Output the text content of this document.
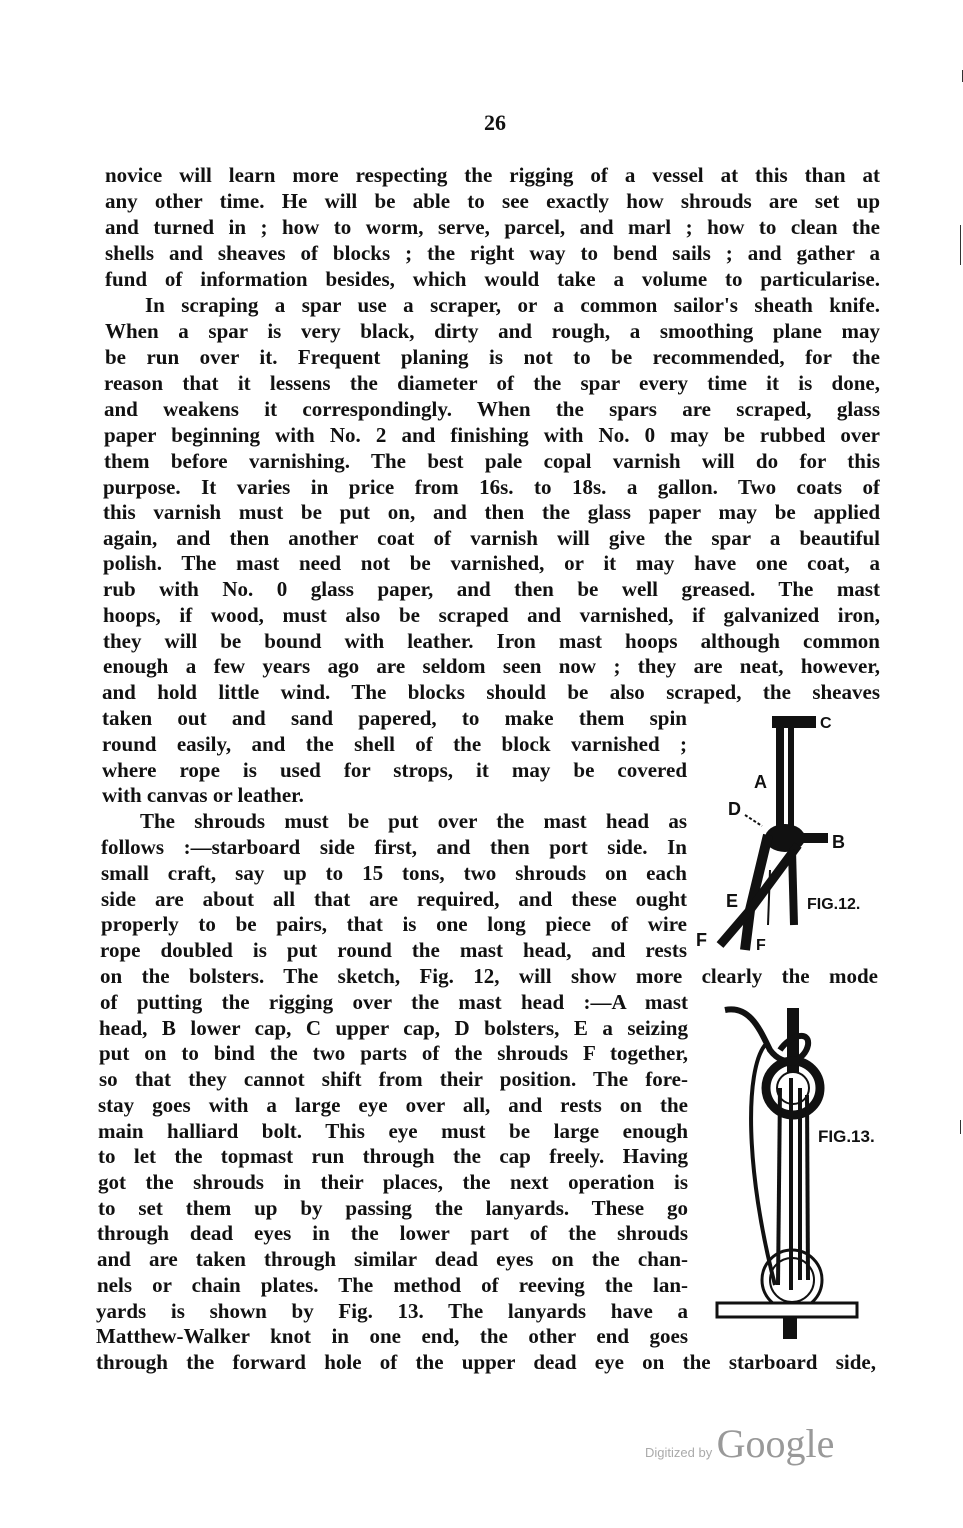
26
novice will learn more respecting the rigging of a vessel at this than at
any other time. He will be able to see exactly how shrouds are set up
and turned in ; how to worm, serve, parcel, and marl ; how to clean the
shells and sheaves of blocks ; the right way to bend sails ; and gather a
fund of information besides, which would take a volume to particularise.
In scraping a spar use a scraper, or a common sailor's sheath knife.
When a spar is very black, dirty and rough, a smoothing plane may
be run over it. Frequent planing is not to be recommended, for the
reason that it lessens the diameter of the spar every time it is done,
and weakens it correspondingly. When the spars are scraped, glass
paper beginning with No. 2 and finishing with No. 0 may be rubbed over
them before varnishing. The best pale copal varnish will do for this
purpose. It varies in price from 16s. to 18s. a gallon. Two coats of
this varnish must be put on, and then the glass paper may be applied
again, and then another coat of varnish will give the spar a beautiful
polish. The mast need not be varnished, or it may have one coat, a
rub with No. 0 glass paper, and then be well greased. The mast
hoops, if wood, must also be scraped and varnished, if galvanized iron,
they will be bound with leather. Iron mast hoops although common
enough a few years ago are seldom seen now ; they are neat, however,
and hold little wind. The blocks should be also scraped, the sheaves
taken out and sand papered, to make them spin
round easily, and the shell of the block varnished ;
where rope is used for strops, it may be covered
with canvas or leather.
The shrouds must be put over the mast head as
follows :—starboard side first, and then port side. In
small craft, say up to 15 tons, two shrouds on each
side are about all that are required, and these ought
properly to be pairs, that is one long piece of wire
rope doubled is put round the mast head, and rests
on the bolsters. The sketch, Fig. 12, will show more clearly the mode
of putting the rigging over the mast head :—A mast
head, B lower cap, C upper cap, D bolsters, E a seizing
put on to bind the two parts of the shrouds F together,
so that they cannot shift from their position. The fore-
stay goes with a large eye over all, and rests on the
main halliard bolt. This eye must be large enough
to let the topmast run through the cap freely. Having
got the shrouds in their places, the next operation is
to set them up by passing the lanyards. These go
through dead eyes in the lower part of the shrouds
and are taken through similar dead eyes on the chan-
nels or chain plates. The method of reeving the lan-
yards is shown by Fig. 13. The lanyards have a
Matthew-Walker knot in one end, the other end goes
through the forward hole of the upper dead eye on the starboard side,
C
A
D
B
E
F	F
FIG.12.
FIG.13.
Digitized by Google
